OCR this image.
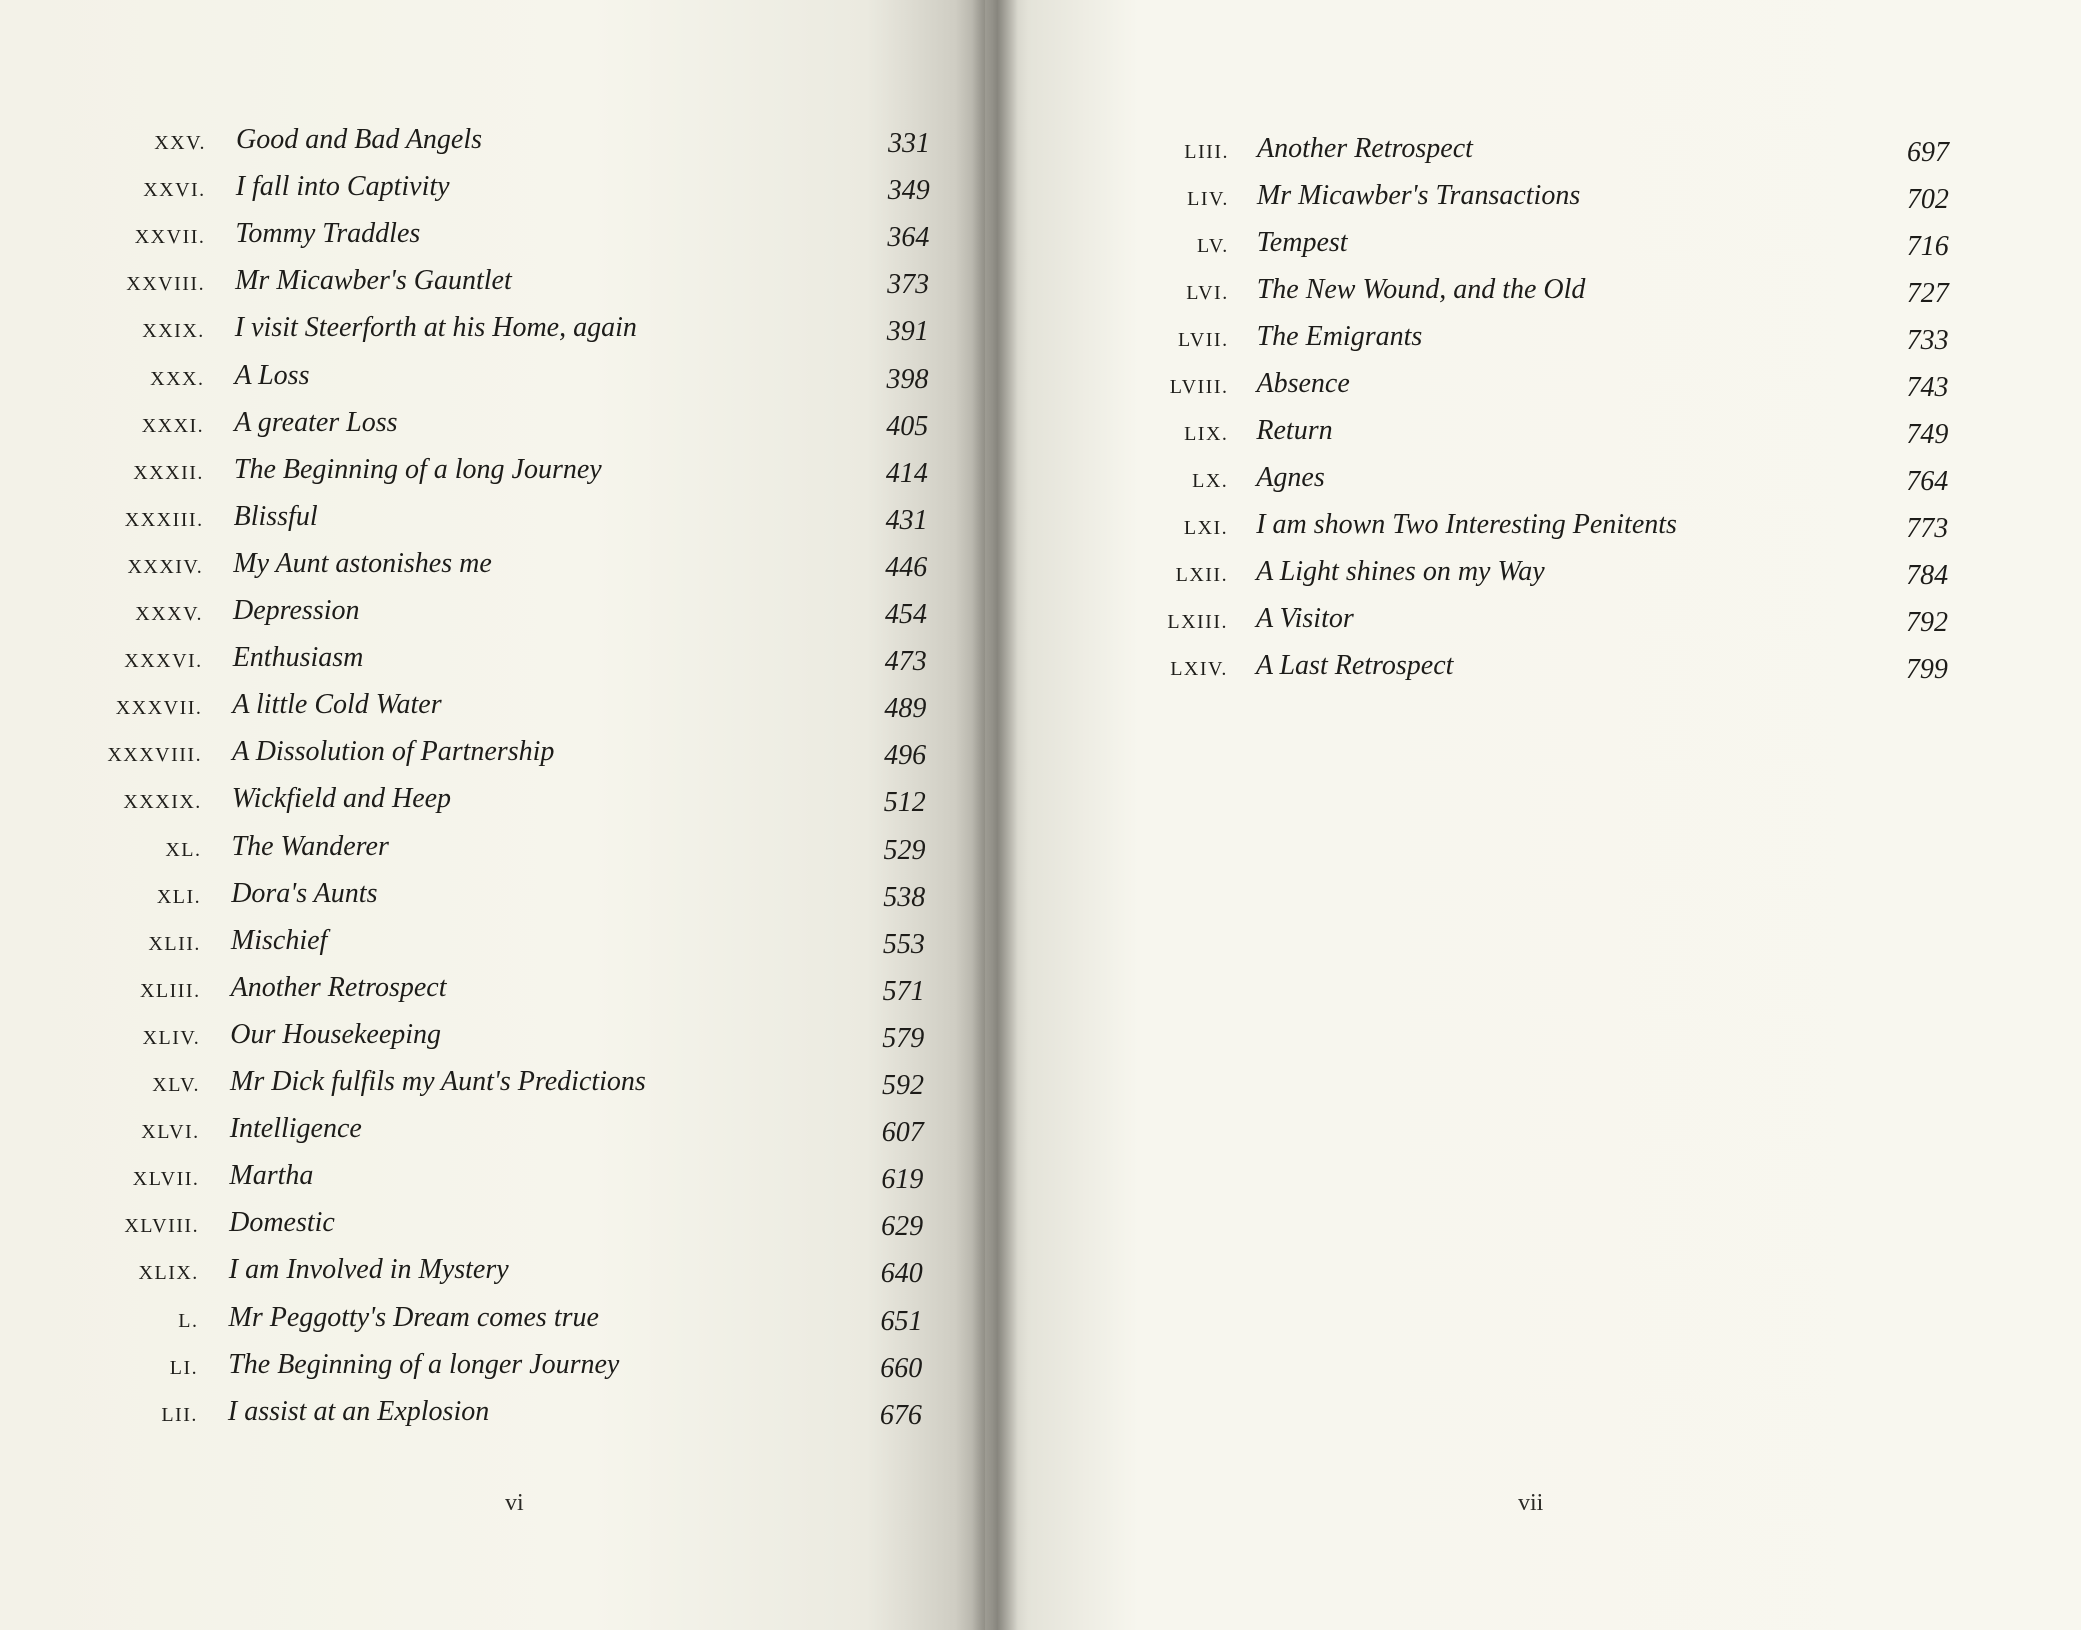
XXV. Good and Bad Angels	331
XXVI. I fall into Captivity	349
XXVII. Tommy Traddles	364
XXVIII. Mr Micawber's Gauntlet	373
XXIX. I visit Steerforth at his Home, again	391
XXX. A Loss	398
XXXI. A greater Loss	405
XXXII. The Beginning of a long Journey	414
XXXIII. Blissful	431
XXXIV. My Aunt astonishes me	446
XXXV. Depression	454
XXXVI. Enthusiasm	473
XXXVII. A little Cold Water	489
XXXVIII. A Dissolution of Partnership	496
XXXIX. Wickfield and Heep	512
XL. The Wanderer	529
XLI. Dora's Aunts	538
XLII. Mischief	553
XLIII. Another Retrospect	571
XLIV. Our Housekeeping	579
XLV. Mr Dick fulfils my Aunt's Predictions	592
XLVI. Intelligence	607
XLVII. Martha	619
XLVIII. Domestic	629
XLIX. I am Involved in Mystery	640
L. Mr Peggotty's Dream comes true	651
LI. The Beginning of a longer Journey	660
LII. I assist at an Explosion	676
vi
LIII. Another Retrospect	697
LIV. Mr Micawber's Transactions	702
LV. Tempest	716
LVI. The New Wound, and the Old	727
LVII. The Emigrants	733
LVIII. Absence	743
LIX. Return	749
LX. Agnes	764
LXI. I am shown Two Interesting Penitents	773
LXII. A Light shines on my Way	784
LXIII. A Visitor	792
LXIV. A Last Retrospect	799
vii
